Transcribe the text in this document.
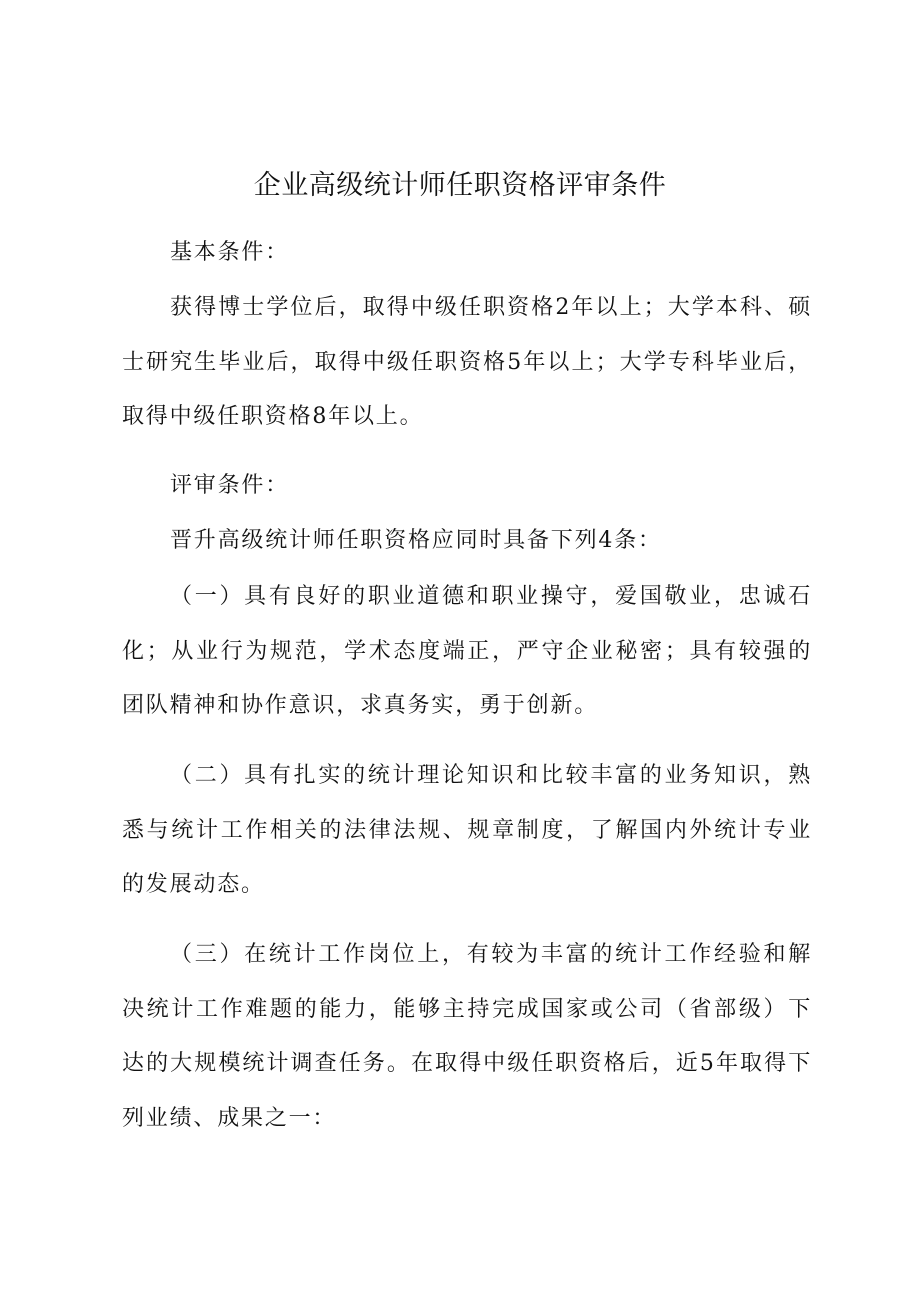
企业高级统计师任职资格评审条件

基本条件：

获得博士学位后，取得中级任职资格2年以上；大学本科、硕士研究生毕业后，取得中级任职资格5年以上；大学专科毕业后，取得中级任职资格8年以上。

评审条件：

晋升高级统计师任职资格应同时具备下列4条：

（一）具有良好的职业道德和职业操守，爱国敬业，忠诚石化；从业行为规范，学术态度端正，严守企业秘密；具有较强的团队精神和协作意识，求真务实，勇于创新。

（二）具有扎实的统计理论知识和比较丰富的业务知识，熟悉与统计工作相关的法律法规、规章制度，了解国内外统计专业的发展动态。

（三）在统计工作岗位上，有较为丰富的统计工作经验和解决统计工作难题的能力，能够主持完成国家或公司（省部级）下达的大规模统计调查任务。在取得中级任职资格后，近5年取得下列业绩、成果之一：
